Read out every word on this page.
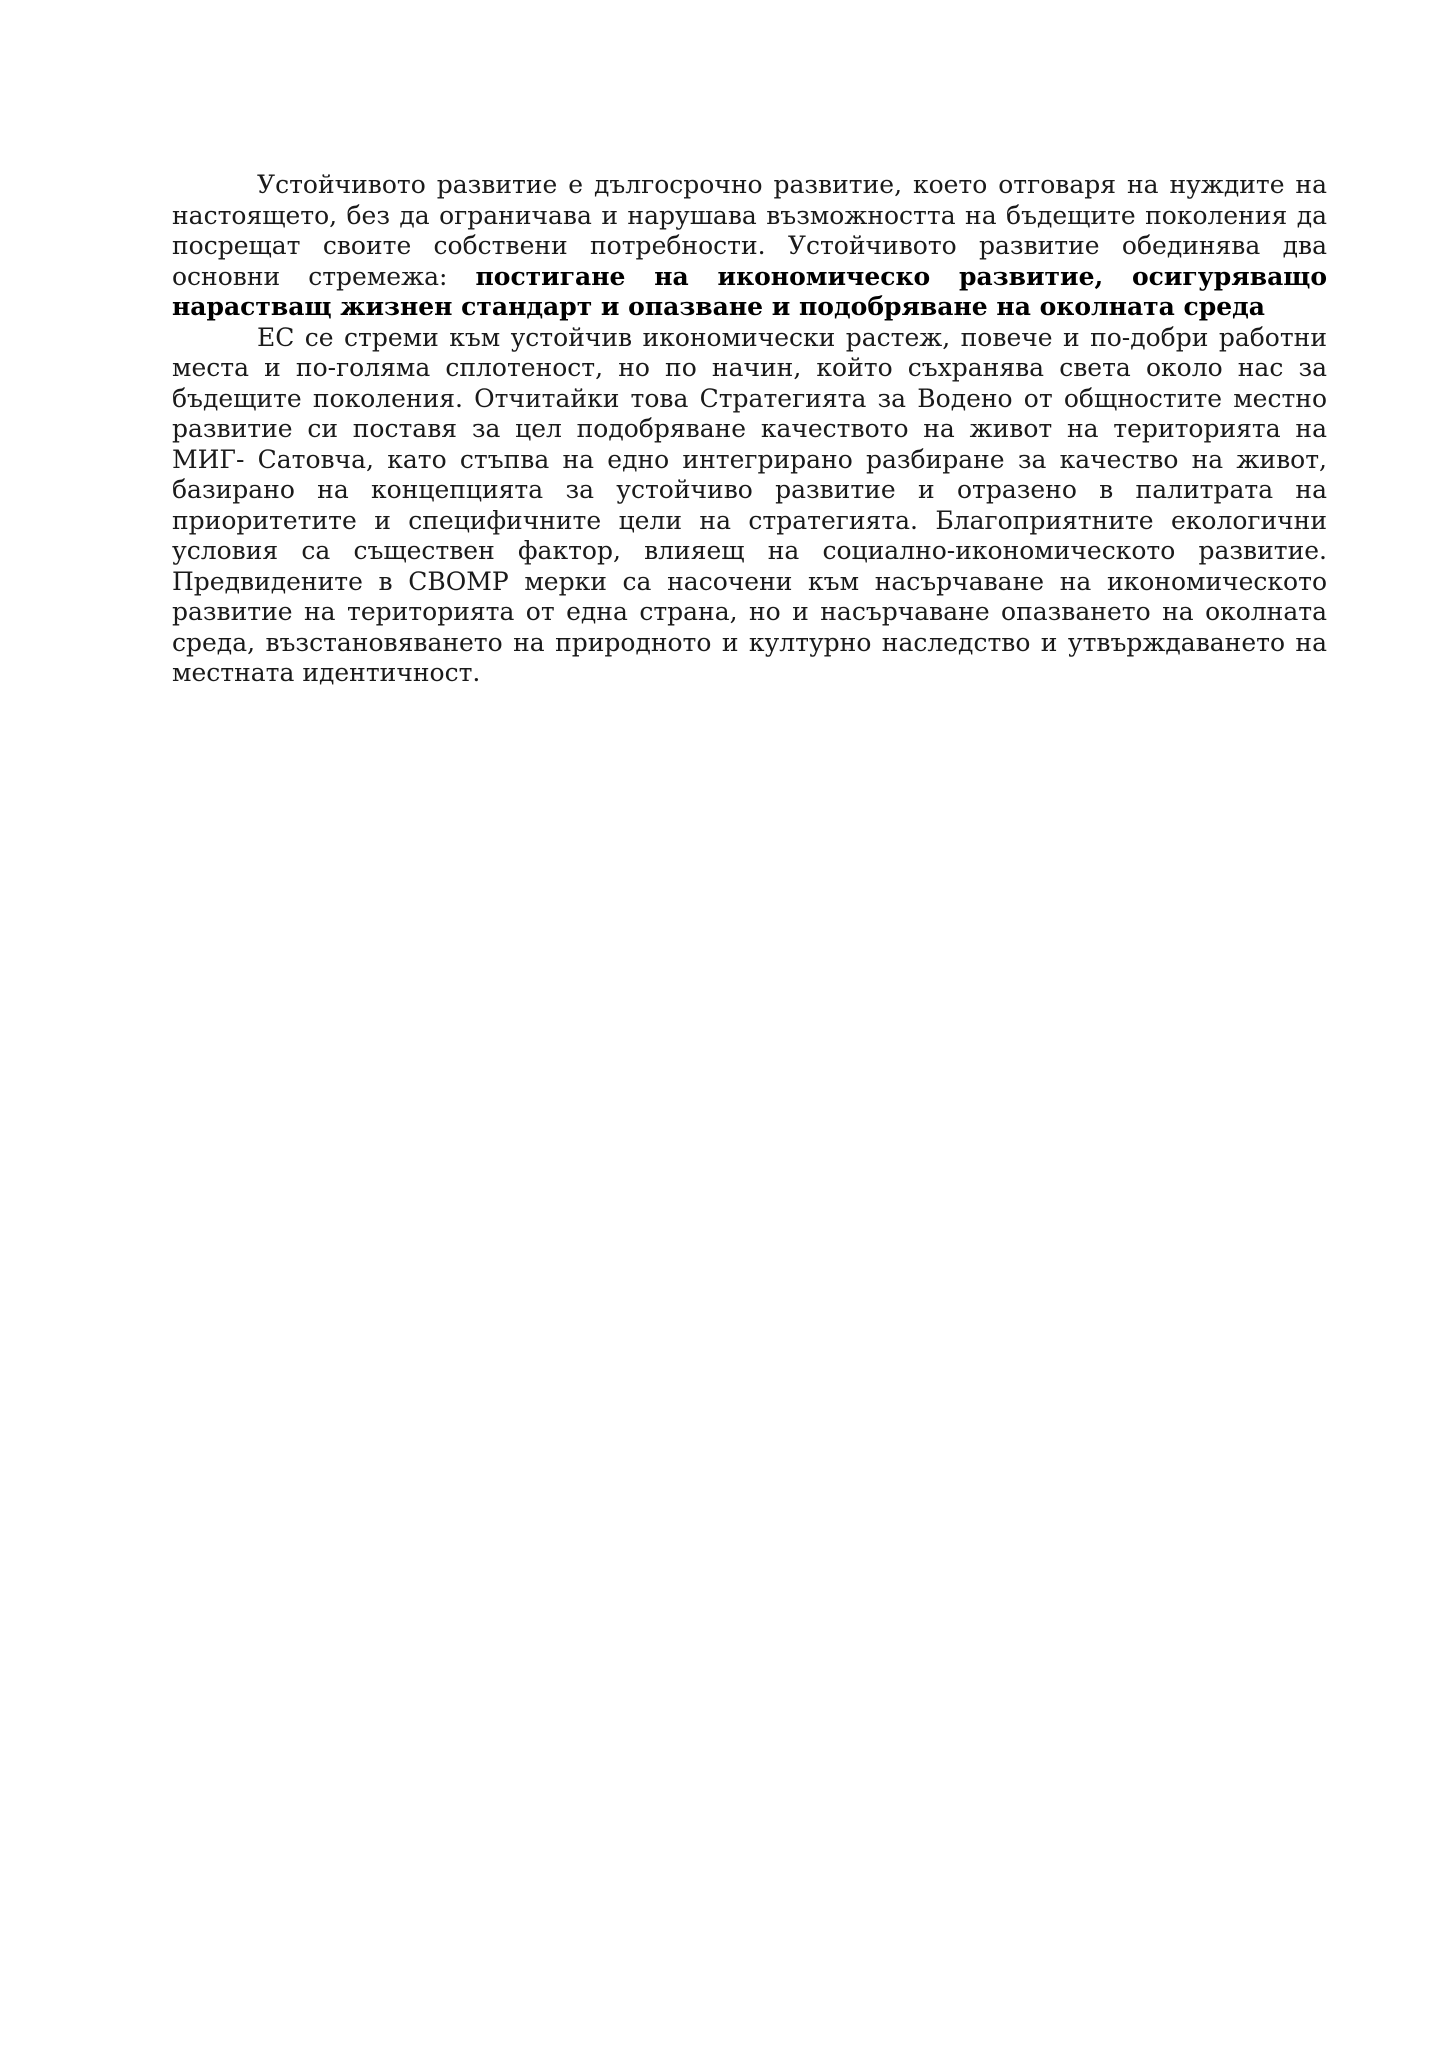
Устойчивото развитие е дългосрочно развитие, което отговаря на нуждите на настоящето, без да ограничава и нарушава възможността на бъдещите поколения да посрещат своите собствени потребности. Устойчивото развитие обединява два основни стремежа: постигане на икономическо развитие, осигуряващо нарастващ жизнен стандарт и опазване и подобряване на околната среда

ЕС се стреми към устойчив икономически растеж, повече и по-добри работни места и по-голяма сплотеност, но по начин, който съхранява света около нас за бъдещите поколения. Отчитайки това Стратегията за Водено от общностите местно развитие си поставя за цел подобряване качеството на живот на територията на МИГ- Сатовча, като стъпва на едно интегрирано разбиране за качество на живот, базирано на концепцията за устойчиво развитие и отразено в палитрата на приоритетите и специфичните цели на стратегията. Благоприятните екологични условия са съществен фактор, влияещ на социално-икономическото развитие. Предвидените в СВОМР мерки са насочени към насърчаване на икономическото развитие на територията от една страна, но и насърчаване опазването на околната среда, възстановяването на природното и културно наследство и утвърждаването на местната идентичност.
